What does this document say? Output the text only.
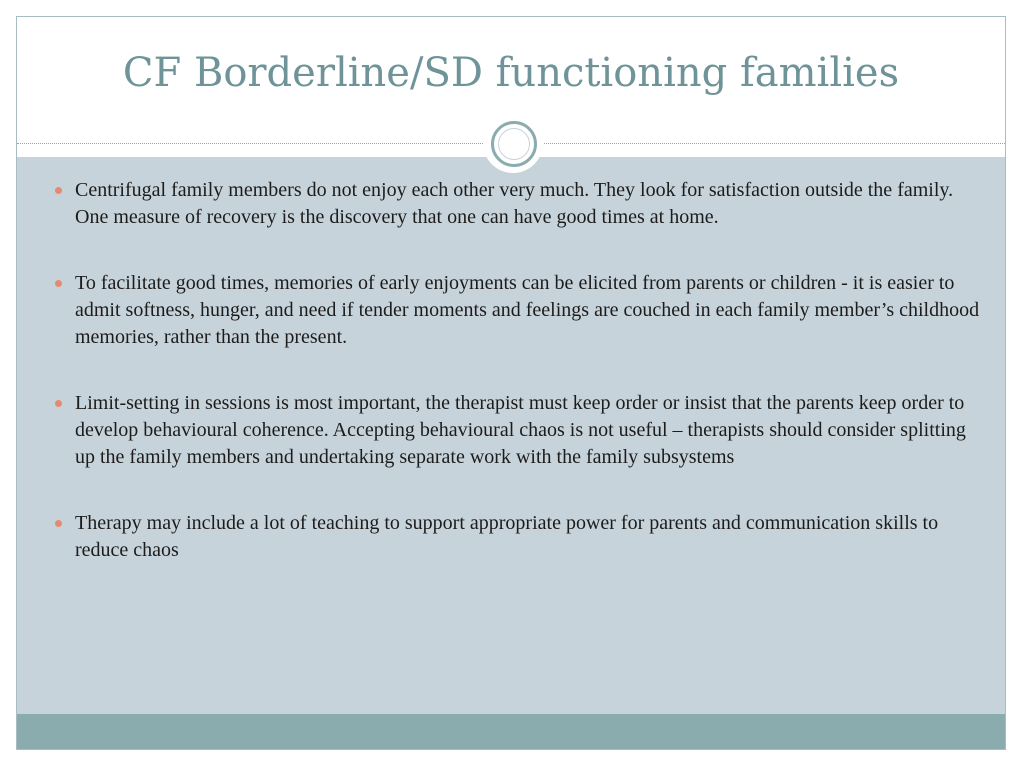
CF Borderline/SD functioning families
Centrifugal family members do not enjoy each other very much. They look for satisfaction outside the family. One measure of recovery is the discovery that one can have good times at home.
To facilitate good times, memories of early enjoyments can be elicited from parents or children - it is easier to admit softness, hunger, and need if tender moments and feelings are couched in each family member’s childhood memories, rather than the present.
Limit-setting in sessions is most important, the therapist must keep order or insist that the parents keep order to develop behavioural coherence. Accepting behavioural chaos is not useful – therapists should consider splitting up the family members and undertaking separate work with the family subsystems
Therapy may include a lot of teaching to support appropriate power for parents and communication skills to reduce chaos
